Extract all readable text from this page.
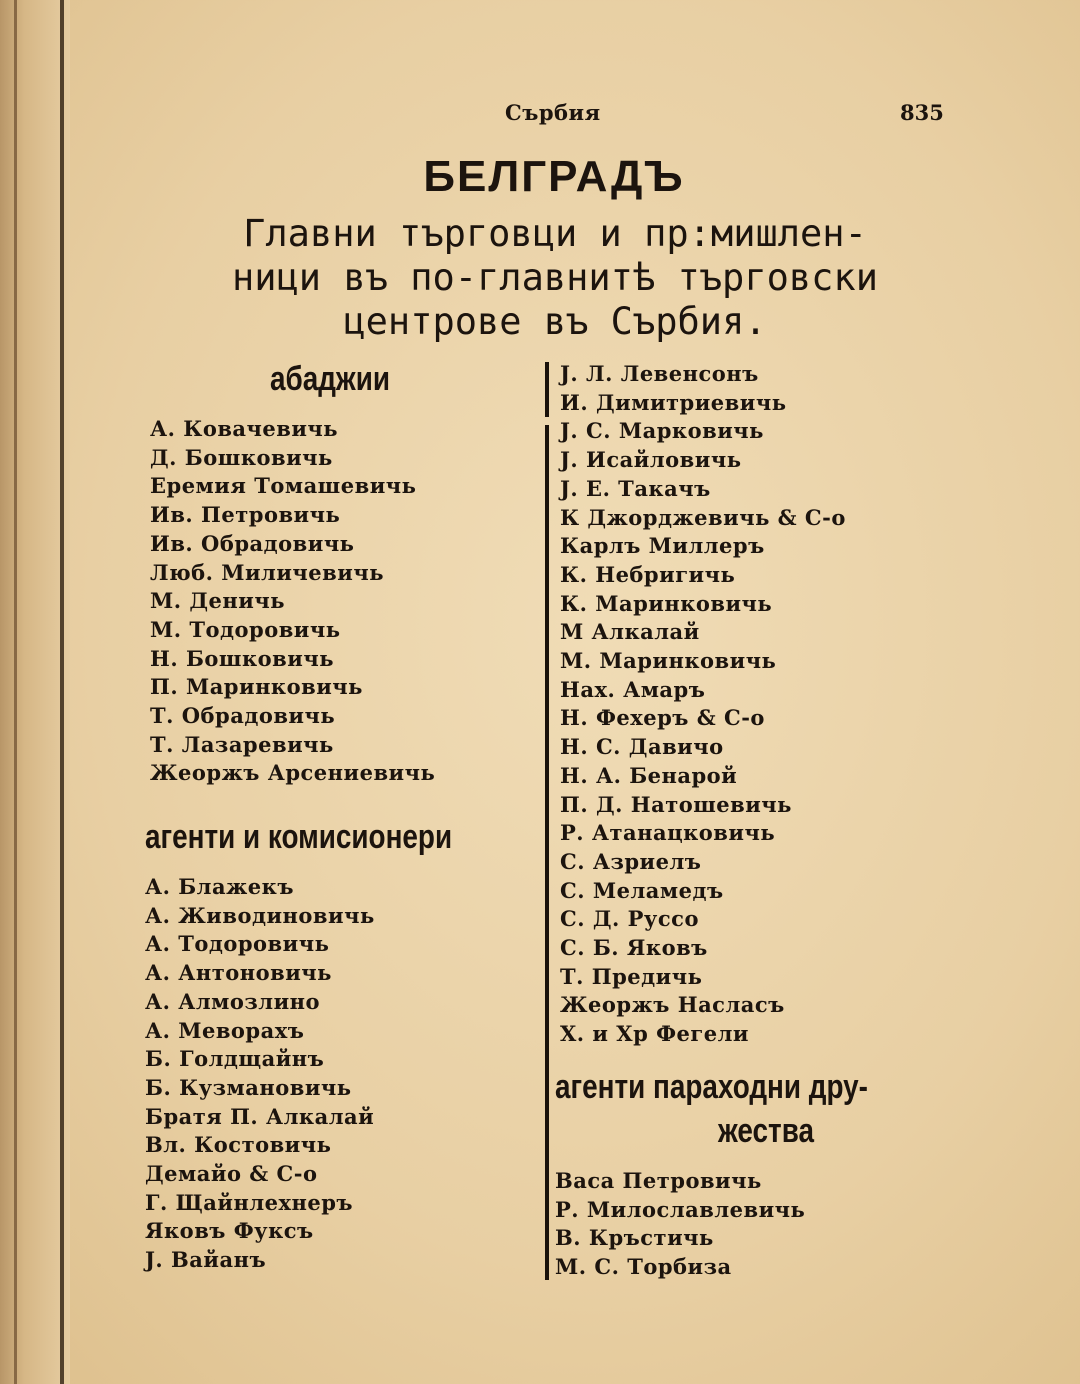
Сърбия	835
БЕЛГРАДЪ
Главни търговци и пр:мишлен-
ници въ по-главнитѣ търговски
центрове въ Сърбия.
абаджии
А. Ковачевичь
Д. Бошковичь
Еремия Томашевичь
Ив. Петровичь
Ив. Обрадовичь
Люб. Миличевичь
М. Деничь
М. Тодоровичь
Н. Бошковичь
П. Маринковичь
Т. Обрадовичь
Т. Лазаревичь
Жеоржъ Арсениевичь
агенти и комисионери
А. Блажекъ
А. Живодиновичь
А. Тодоровичь
А. Антоновичь
А. Алмозлино
А. Меворахъ
Б. Голдщайнъ
Б. Кузмановичь
Братя П. Алкалай
Вл. Костовичь
Демайо & С-о
Г. Щайнлехнеръ
Яковъ Фуксъ
Ј. Вайанъ
Ј. Л. Левенсонъ
И. Димитриевичь
Ј. С. Марковичь
Ј. Исайловичь
Ј. Е. Такачъ
К Джорджевичь & С-о
Карлъ Миллеръ
К. Небригичь
К. Маринковичь
М Алкалай
М. Маринковичь
Нах. Амаръ
Н. Фехеръ & С-о
Н. С. Давичо
Н. А. Бенарой
П. Д. Натошевичь
Р. Атанацковичь
С. Азриелъ
С. Меламедъ
С. Д. Руссо
С. Б. Яковъ
Т. Предичь
Жеоржъ Насласъ
Х. и Хр Фегели
агенти параходни дру-
жества
Васа Петровичь
Р. Милославлевичь
В. Кръстичь
М. С. Торбиза
